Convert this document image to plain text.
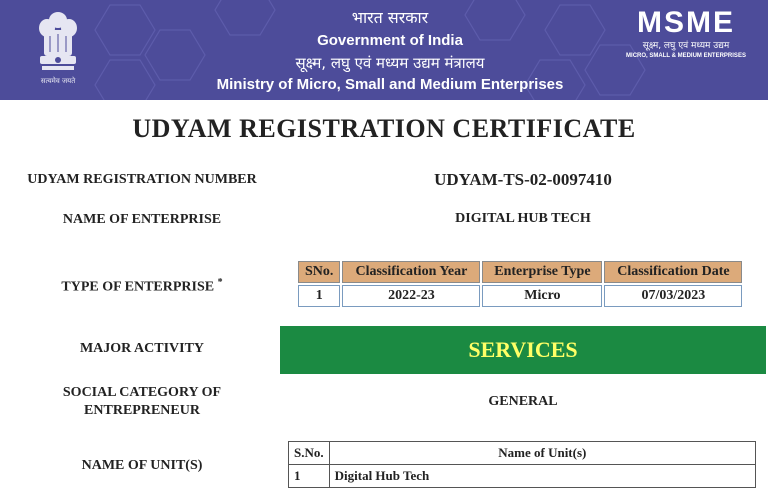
सत्यमेव जयते
भारत सरकार
Government of India
सूक्ष्म, लघु एवं मध्यम उद्यम मंत्रालय
Ministry of Micro, Small and Medium Enterprises
MSME
सूक्ष्म, लघु एवं मध्यम उद्यम
MICRO, SMALL & MEDIUM ENTERPRISES
UDYAM REGISTRATION CERTIFICATE
UDYAM REGISTRATION NUMBER	UDYAM-TS-02-0097410
NAME OF ENTERPRISE	DIGITAL HUB TECH
TYPE OF ENTERPRISE *
SNo.	Classification Year	Enterprise Type	Classification Date
1	2022-23	Micro	07/03/2023
MAJOR ACTIVITY	SERVICES
SOCIAL CATEGORY OF
ENTREPRENEUR
GENERAL
NAME OF UNIT(S)
S.No.	Name of Unit(s)
1	Digital Hub Tech
